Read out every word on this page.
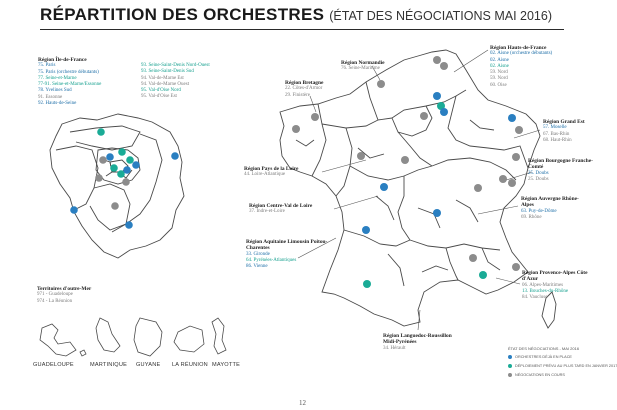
RÉPARTITION DES ORCHESTRES (ÉTAT DES NÉGOCIATIONS MAI 2016)
Région Île-de-France
75. Paris
75. Paris (orchestre débutants)
77. Seine-et-Marne
77-91. Seine-et-Marne/Essonne
78. Yvelines Sud
91. Essonne
92. Hauts-de-Seine
93. Seine-Saint-Denis Nord-Ouest
93. Seine-Saint-Denis Sud
94. Val-de-Marne Est
94. Val-de-Marne Ouest
95. Val-d'Oise Nord
95. Val-d'Oise Est
Région Normandie
76. Seine-Maritime
Région Hauts-de-France
02. Aisne (orchestre débutants)
02. Aisne
02. Aisne
59. Nord
59. Nord
60. Oise
Région Bretagne
22. Côtes-d'Armor
29. Finistère
Région Grand Est
57. Moselle
67. Bas-Rhin
68. Haut-Rhin
Région Bourgogne Franche-Comté
25. Doubs
25. Doubs
Région Pays de la Loire
44. Loire-Atlantique
Région Centre-Val de Loire
37. Indre-et-Loire
Région Auvergne Rhône-Alpes
63. Puy-de-Dôme
69. Rhône
Région Aquitaine Limousin Poitou-Charentes
33. Gironde
64. Pyrénées-Atlantiques
86. Vienne
Région Provence-Alpes Côte d'Azur
06. Alpes-Maritimes
13. Bouches-du-Rhône
84. Vaucluse
Région Languedoc-Roussillon Midi-Pyrénées
34. Hérault
Territoires d'outre-Mer
971 - Guadeloupe
974 - La Réunion
GUADELOUPE	MARTINIQUE GUYANE LA RÉUNION MAYOTTE
ÉTAT DES NÉGOCIATIONS - MAI 2016
ORCHESTRES DÉJÀ EN PLACE
DÉPLOIEMENT PRÉVU AU PLUS TARD EN JANVIER 2017
NÉGOCIATIONS EN COURS
12
